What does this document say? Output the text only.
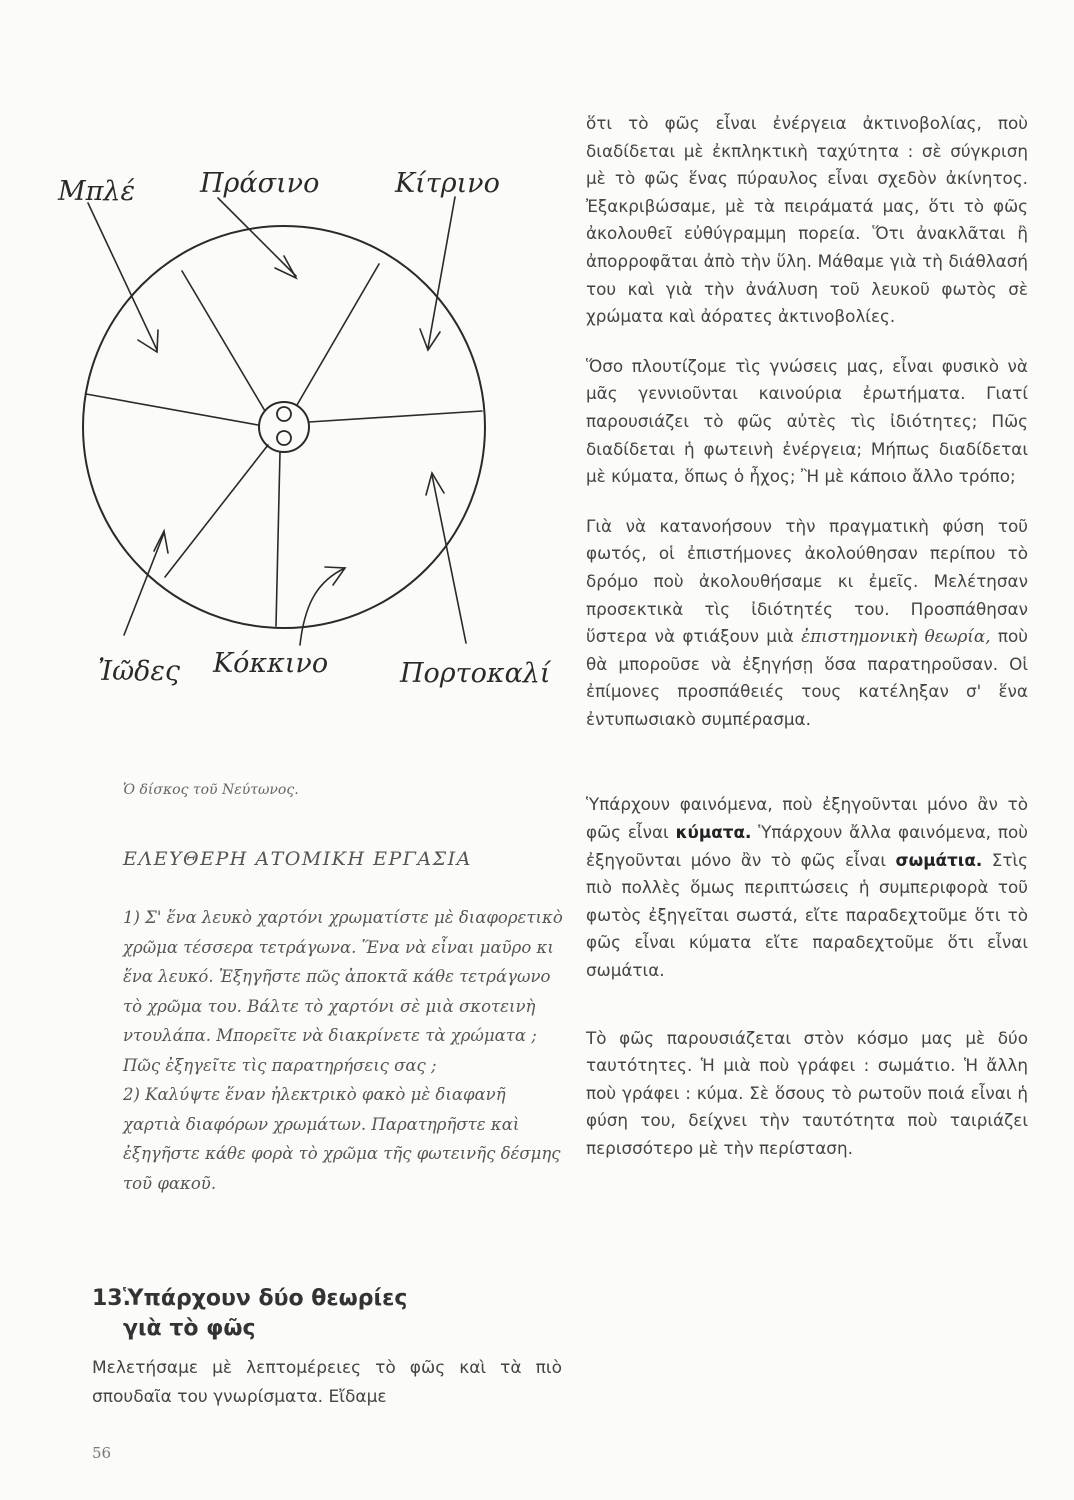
Μπλέ Πράσινο	Κίτρινο
Ἰῶδες Κόκκινο	Πορτοκαλί

Ὁ δίσκος τοῦ Νεύτωνος.

ΕΛΕΥΘΕΡΗ ΑΤΟΜΙΚΗ ΕΡΓΑΣΙΑ

1) Σ' ἕνα λευκὸ χαρτόνι χρωματίστε μὲ διαφορετικὸ χρῶμα τέσσερα τετράγωνα. Ἕνα νὰ εἶναι μαῦρο κι ἕνα λευκό. Ἐξηγῆστε πῶς ἀποκτᾶ κάθε τετράγωνο τὸ χρῶμα του. Βάλτε τὸ χαρτόνι σὲ μιὰ σκοτεινὴ ντουλάπα. Μπορεῖτε νὰ διακρίνετε τὰ χρώματα ; Πῶς ἐξηγεῖτε τὶς παρατηρήσεις σας ;

2) Καλύψτε ἕναν ἠλεκτρικὸ φακὸ μὲ διαφανῆ χαρτιὰ διαφόρων χρωμάτων. Παρατηρῆστε καὶ ἐξηγῆστε κάθε φορὰ τὸ χρῶμα τῆς φωτεινῆς δέσμης τοῦ φακοῦ.

13.Ὑπάρχουν δύο θεωρίες
γιὰ τὸ φῶς

Μελετήσαμε μὲ λεπτομέρειες τὸ φῶς καὶ τὰ πιὸ σπουδαῖα του γνωρίσματα. Εἴδαμε

ὅτι τὸ φῶς εἶναι ἐνέργεια ἀκτινοβολίας, ποὺ διαδίδεται μὲ ἐκπληκτικὴ ταχύτητα : σὲ σύγκριση μὲ τὸ φῶς ἕνας πύραυλος εἶναι σχεδὸν ἀκίνητος. Ἐξακριβώσαμε, μὲ τὰ πειράματά μας, ὅτι τὸ φῶς ἀκολουθεῖ εὐθύγραμμη πορεία. Ὅτι ἀνακλᾶται ἢ ἀπορροφᾶται ἀπὸ τὴν ὕλη. Μάθαμε γιὰ τὴ διάθλασή του καὶ γιὰ τὴν ἀνάλυση τοῦ λευκοῦ φωτὸς σὲ χρώματα καὶ ἀόρατες ἀκτινοβολίες.

Ὅσο πλουτίζομε τὶς γνώσεις μας, εἶναι φυσικὸ νὰ μᾶς γεννιοῦνται καινούρια ἐρωτήματα. Γιατί παρουσιάζει τὸ φῶς αὐτὲς τὶς ἰδιότητες; Πῶς διαδίδεται ἡ φωτεινὴ ἐνέργεια; Μήπως διαδίδεται μὲ κύματα, ὅπως ὁ ἦχος; Ἢ μὲ κάποιο ἄλλο τρόπο;

Γιὰ νὰ κατανοήσουν τὴν πραγματικὴ φύση τοῦ φωτός, οἱ ἐπιστήμονες ἀκολούθησαν περίπου τὸ δρόμο ποὺ ἀκολουθήσαμε κι ἐμεῖς. Μελέτησαν προσεκτικὰ τὶς ἰδιότητές του. Προσπάθησαν ὕστερα νὰ φτιάξουν μιὰ ἐπιστημονικὴ θεωρία, ποὺ θὰ μποροῦσε νὰ ἐξηγήσῃ ὅσα παρατηροῦσαν. Οἱ ἐπίμονες προσπάθειές τους κατέληξαν σ' ἕνα ἐντυπωσιακὸ συμπέρασμα.

Ὑπάρχουν φαινόμενα, ποὺ ἐξηγοῦνται μόνο ἂν τὸ φῶς εἶναι κύματα. Ὑπάρχουν ἄλλα φαινόμενα, ποὺ ἐξηγοῦνται μόνο ἂν τὸ φῶς εἶναι σωμάτια. Στὶς πιὸ πολλὲς ὅμως περιπτώσεις ἡ συμπεριφορὰ τοῦ φωτὸς ἐξηγεῖται σωστά, εἴτε παραδεχτοῦμε ὅτι τὸ φῶς εἶναι κύματα εἴτε παραδεχτοῦμε ὅτι εἶναι σωμάτια.

Τὸ φῶς παρουσιάζεται στὸν κόσμο μας μὲ δύο ταυτότητες. Ἡ μιὰ ποὺ γράφει : σωμάτιο. Ἡ ἄλλη ποὺ γράφει : κύμα. Σὲ ὅσους τὸ ρωτοῦν ποιά εἶναι ἡ φύση του, δείχνει τὴν ταυτότητα ποὺ ταιριάζει περισσότερο μὲ τὴν περίσταση.

56
